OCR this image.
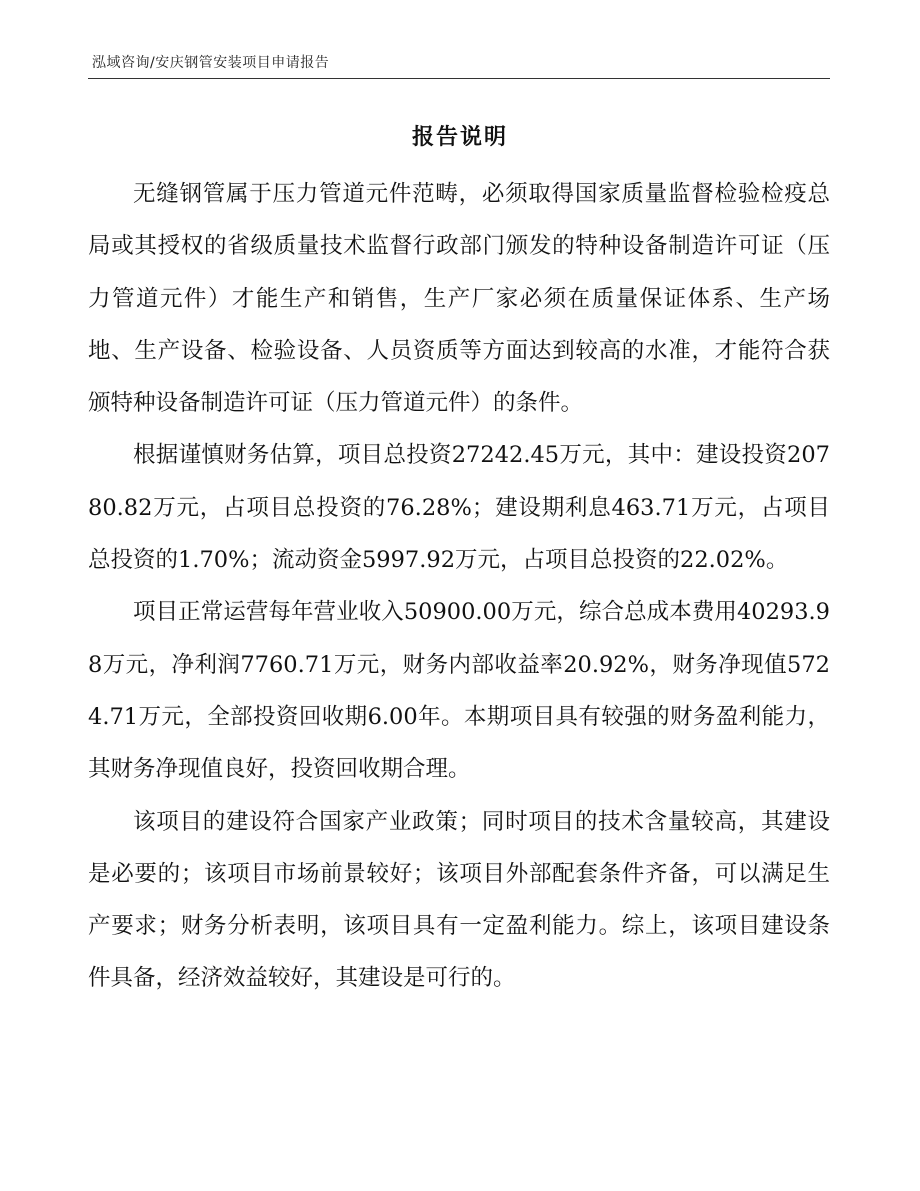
泓域咨询/安庆钢管安装项目申请报告
报告说明

无缝钢管属于压力管道元件范畴，必须取得国家质量监督检验检疫总局或其授权的省级质量技术监督行政部门颁发的特种设备制造许可证（压力管道元件）才能生产和销售，生产厂家必须在质量保证体系、生产场地、生产设备、检验设备、人员资质等方面达到较高的水准，才能符合获颁特种设备制造许可证（压力管道元件）的条件。

根据谨慎财务估算，项目总投资27242.45万元，其中：建设投资20780.82万元，占项目总投资的76.28%；建设期利息463.71万元，占项目总投资的1.70%；流动资金5997.92万元，占项目总投资的22.02%。

项目正常运营每年营业收入50900.00万元，综合总成本费用40293.98万元，净利润7760.71万元，财务内部收益率20.92%，财务净现值5724.71万元，全部投资回收期6.00年。本期项目具有较强的财务盈利能力，其财务净现值良好，投资回收期合理。

该项目的建设符合国家产业政策；同时项目的技术含量较高，其建设是必要的；该项目市场前景较好；该项目外部配套条件齐备，可以满足生产要求；财务分析表明，该项目具有一定盈利能力。综上，该项目建设条件具备，经济效益较好，其建设是可行的。
